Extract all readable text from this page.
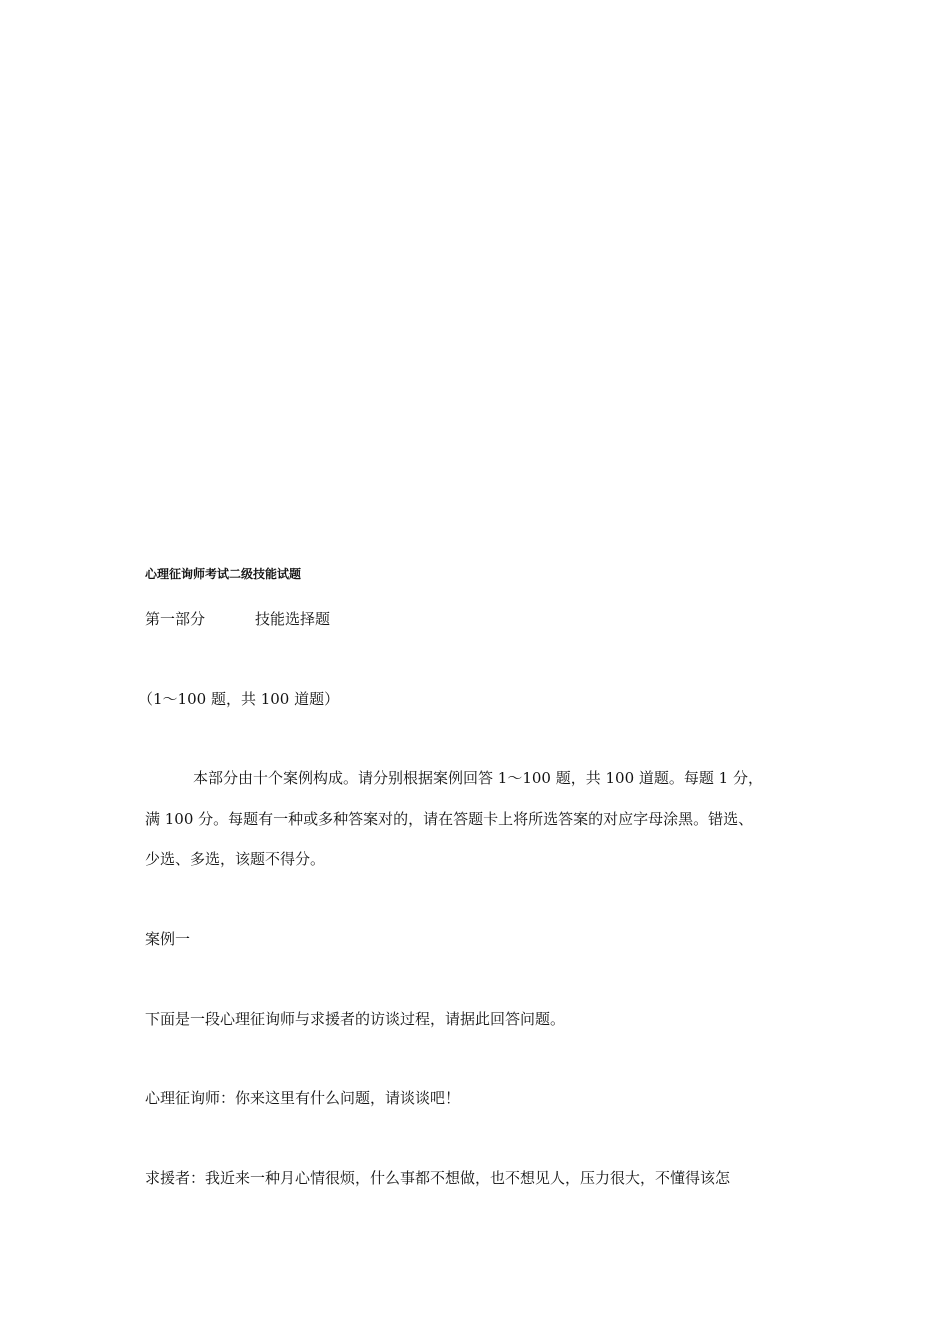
心理征询师考试二级技能试题
第一部分	技能选择题
（1～100 题，共 100 道题）
本部分由十个案例构成。请分别根据案例回答 1～100 题，共 100 道题。每题 1 分，
满 100 分。每题有一种或多种答案对的，请在答题卡上将所选答案的对应字母涂黑。错选、
少选、多选，该题不得分。
案例一
下面是一段心理征询师与求援者的访谈过程，请据此回答问题。
心理征询师：你来这里有什么问题，请谈谈吧！
求援者：我近来一种月心情很烦，什么事都不想做，也不想见人，压力很大，不懂得该怎
